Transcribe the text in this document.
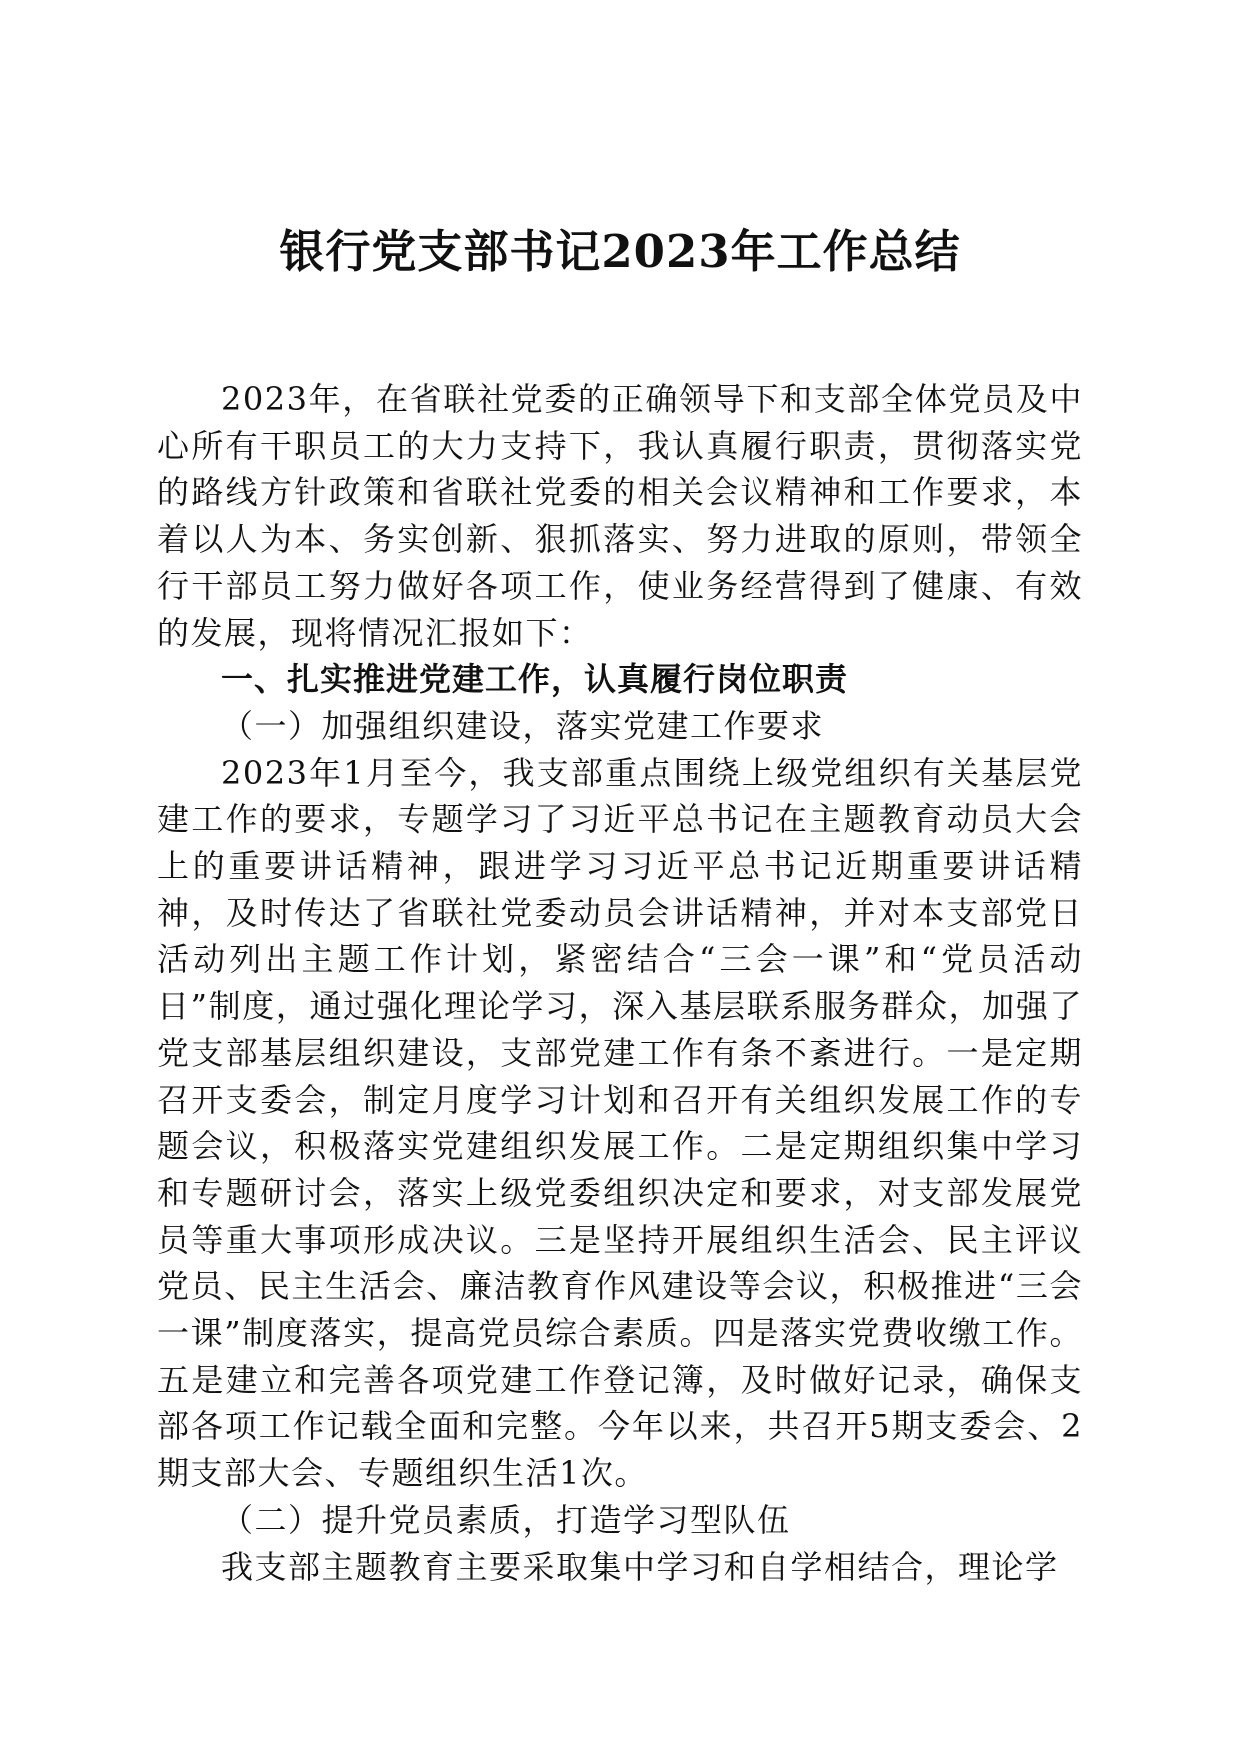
银行党支部书记2023年工作总结

2023年，在省联社党委的正确领导下和支部全体党员及中心所有干职员工的大力支持下，我认真履行职责，贯彻落实党的路线方针政策和省联社党委的相关会议精神和工作要求，本着以人为本、务实创新、狠抓落实、努力进取的原则，带领全行干部员工努力做好各项工作，使业务经营得到了健康、有效的发展，现将情况汇报如下：

一、扎实推进党建工作，认真履行岗位职责

（一）加强组织建设，落实党建工作要求

2023年1月至今，我支部重点围绕上级党组织有关基层党建工作的要求，专题学习了习近平总书记在主题教育动员大会上的重要讲话精神，跟进学习习近平总书记近期重要讲话精神，及时传达了省联社党委动员会讲话精神，并对本支部党日活动列出主题工作计划，紧密结合“三会一课”和“党员活动日”制度，通过强化理论学习，深入基层联系服务群众，加强了党支部基层组织建设，支部党建工作有条不紊进行。一是定期召开支委会，制定月度学习计划和召开有关组织发展工作的专题会议，积极落实党建组织发展工作。二是定期组织集中学习和专题研讨会，落实上级党委组织决定和要求，对支部发展党员等重大事项形成决议。三是坚持开展组织生活会、民主评议党员、民主生活会、廉洁教育作风建设等会议，积极推进“三会一课”制度落实，提高党员综合素质。四是落实党费收缴工作。五是建立和完善各项党建工作登记簿，及时做好记录，确保支部各项工作记载全面和完整。今年以来，共召开5期支委会、2期支部大会、专题组织生活1次。

（二）提升党员素质，打造学习型队伍

我支部主题教育主要采取集中学习和自学相结合，理论学
